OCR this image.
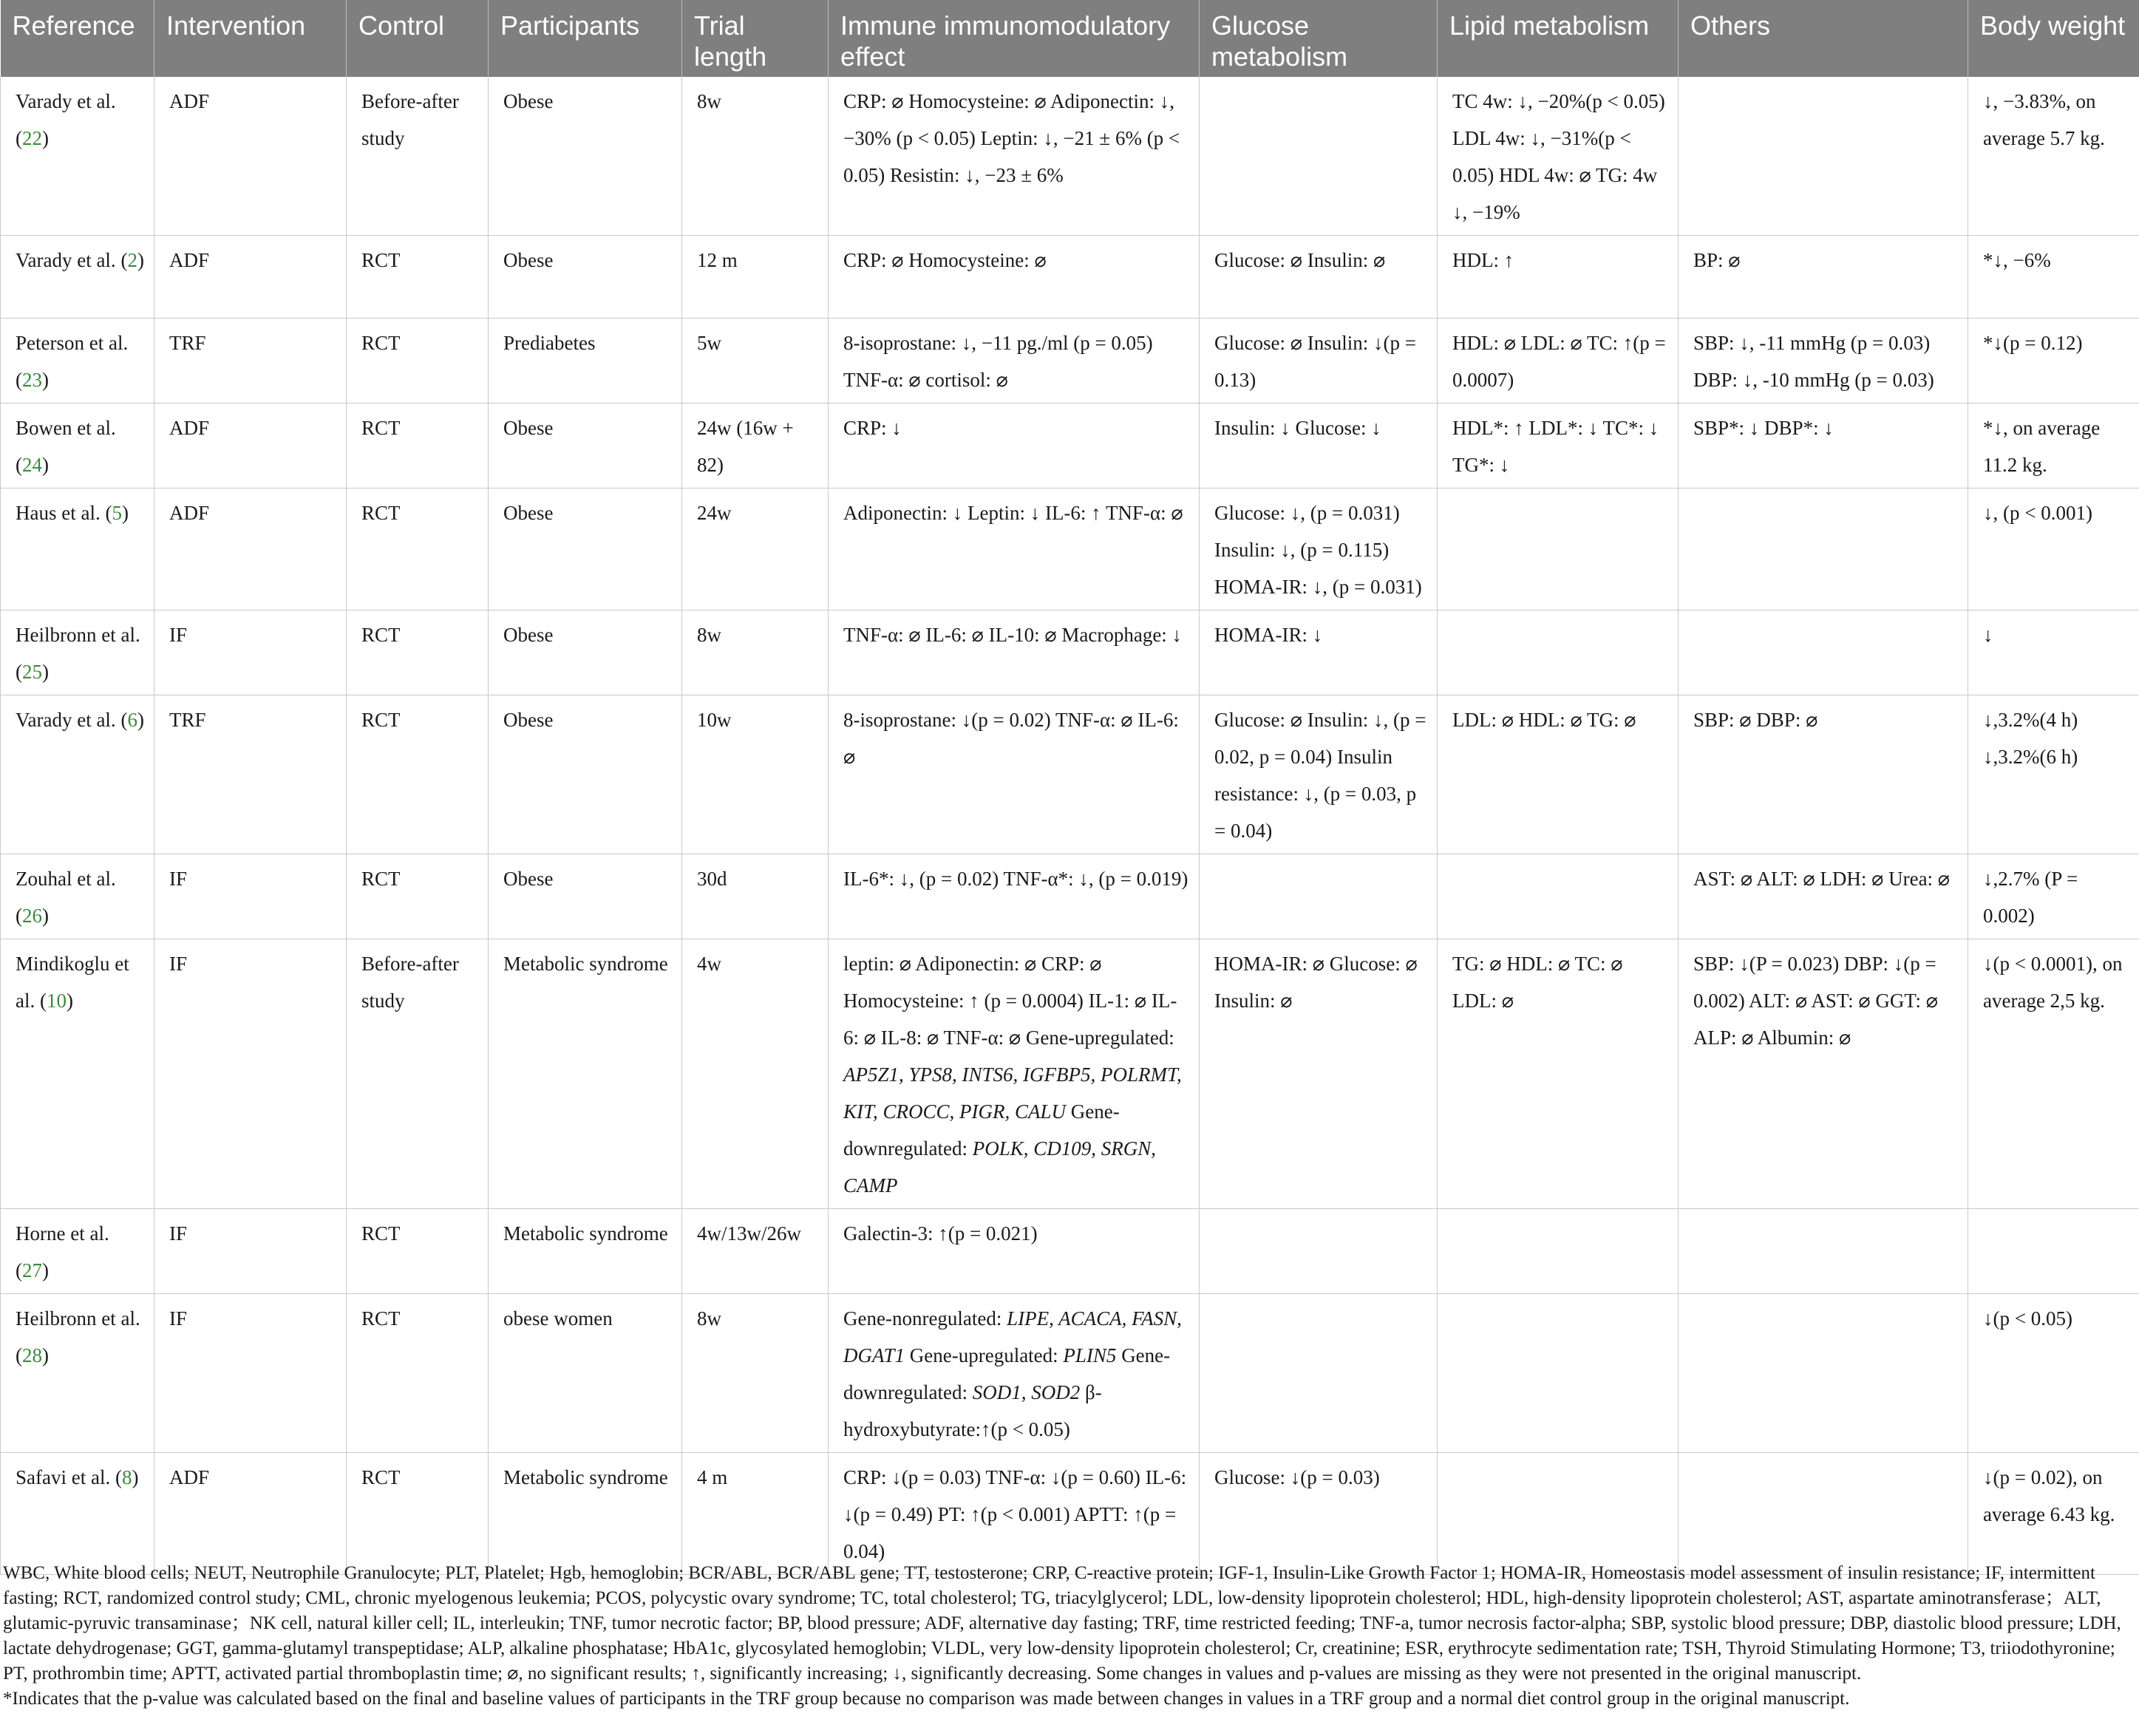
Reference	Intervention	Control	Participants	Trial length	Immune immunomodulatory effect	Glucose metabolism	Lipid metabolism	Others	Body weight
Varady et al. (22)	ADF	Before-after study	Obese	8w	CRP: ⌀ Homocysteine: ⌀ Adiponectin: ↓, −30% (p < 0.05) Leptin: ↓, −21 ± 6% (p < 0.05) Resistin: ↓, −23 ± 6%		TC 4w: ↓, −20%(p < 0.05) LDL 4w: ↓, −31%(p < 0.05) HDL 4w: ⌀ TG: 4w ↓, −19%		↓, −3.83%, on average 5.7 kg.
Varady et al. (2)	ADF	RCT	Obese	12 m	CRP: ⌀ Homocysteine: ⌀	Glucose: ⌀ Insulin: ⌀	HDL: ↑	BP: ⌀	*↓, −6%
Peterson et al. (23)	TRF	RCT	Prediabetes	5w	8-isoprostane: ↓, −11 pg./ml (p = 0.05) TNF-α: ⌀ cortisol: ⌀	Glucose: ⌀ Insulin: ↓(p = 0.13)	HDL: ⌀ LDL: ⌀ TC: ↑(p = 0.0007)	SBP: ↓, -11 mmHg (p = 0.03) DBP: ↓, -10 mmHg (p = 0.03)	*↓(p = 0.12)
Bowen et al. (24)	ADF	RCT	Obese	24w (16w + 82)	CRP: ↓	Insulin: ↓ Glucose: ↓	HDL*: ↑ LDL*: ↓ TC*: ↓ TG*: ↓	SBP*: ↓ DBP*: ↓	*↓, on average 11.2 kg.
Haus et al. (5)	ADF	RCT	Obese	24w	Adiponectin: ↓ Leptin: ↓ IL-6: ↑ TNF-α: ⌀	Glucose: ↓, (p = 0.031) Insulin: ↓, (p = 0.115) HOMA-IR: ↓, (p = 0.031)			↓, (p < 0.001)
Heilbronn et al. (25)	IF	RCT	Obese	8w	TNF-α: ⌀ IL-6: ⌀ IL-10: ⌀ Macrophage: ↓	HOMA-IR: ↓			↓
Varady et al. (6)	TRF	RCT	Obese	10w	8-isoprostane: ↓(p = 0.02) TNF-α: ⌀ IL-6: ⌀	Glucose: ⌀ Insulin: ↓, (p = 0.02, p = 0.04) Insulin resistance: ↓, (p = 0.03, p = 0.04)	LDL: ⌀ HDL: ⌀ TG: ⌀	SBP: ⌀ DBP: ⌀	↓,3.2%(4 h) ↓,3.2%(6 h)
Zouhal et al. (26)	IF	RCT	Obese	30d	IL-6*: ↓, (p = 0.02) TNF-α*: ↓, (p = 0.019)			AST: ⌀ ALT: ⌀ LDH: ⌀ Urea: ⌀	↓,2.7% (P = 0.002)
Mindikoglu et al. (10)	IF	Before-after study	Metabolic syndrome	4w	leptin: ⌀ Adiponectin: ⌀ CRP: ⌀ Homocysteine: ↑ (p = 0.0004) IL-1: ⌀ IL-6: ⌀ IL-8: ⌀ TNF-α: ⌀ Gene-upregulated: AP5Z1, YPS8, INTS6, IGFBP5, POLRMT, KIT, CROCC, PIGR, CALU Gene-downregulated: POLK, CD109, SRGN, CAMP	HOMA-IR: ⌀ Glucose: ⌀ Insulin: ⌀	TG: ⌀ HDL: ⌀ TC: ⌀ LDL: ⌀	SBP: ↓(P = 0.023) DBP: ↓(p = 0.002) ALT: ⌀ AST: ⌀ GGT: ⌀ ALP: ⌀ Albumin: ⌀	↓(p < 0.0001), on average 2,5 kg.
Horne et al. (27)	IF	RCT	Metabolic syndrome	4w/13w/26w	Galectin-3: ↑(p = 0.021)				
Heilbronn et al. (28)	IF	RCT	obese women	8w	Gene-nonregulated: LIPE, ACACA, FASN, DGAT1 Gene-upregulated: PLIN5 Gene-downregulated: SOD1, SOD2 β-hydroxybutyrate:↑(p < 0.05)				↓(p < 0.05)
Safavi et al. (8)	ADF	RCT	Metabolic syndrome	4 m	CRP: ↓(p = 0.03) TNF-α: ↓(p = 0.60) IL-6: ↓(p = 0.49) PT: ↑(p < 0.001) APTT: ↑(p = 0.04)	Glucose: ↓(p = 0.03)			↓(p = 0.02), on average 6.43 kg.

WBC, White blood cells; NEUT, Neutrophile Granulocyte; PLT, Platelet; Hgb, hemoglobin; BCR/ABL, BCR/ABL gene; TT, testosterone; CRP, C-reactive protein; IGF-1, Insulin-Like Growth Factor 1; HOMA-IR, Homeostasis model assessment of insulin resistance; IF, intermittent fasting; RCT, randomized control study; CML, chronic myelogenous leukemia; PCOS, polycystic ovary syndrome; TC, total cholesterol; TG, triacylglycerol; LDL, low-density lipoprotein cholesterol; HDL, high-density lipoprotein cholesterol; AST, aspartate aminotransferase；ALT, glutamic-pyruvic transaminase；NK cell, natural killer cell; IL, interleukin; TNF, tumor necrotic factor; BP, blood pressure; ADF, alternative day fasting; TRF, time restricted feeding; TNF-a, tumor necrosis factor-alpha; SBP, systolic blood pressure; DBP, diastolic blood pressure; LDH, lactate dehydrogenase; GGT, gamma-glutamyl transpeptidase; ALP, alkaline phosphatase; HbA1c, glycosylated hemoglobin; VLDL, very low-density lipoprotein cholesterol; Cr, creatinine; ESR, erythrocyte sedimentation rate; TSH, Thyroid Stimulating Hormone; T3, triiodothyronine; PT, prothrombin time; APTT, activated partial thromboplastin time; ⌀, no significant results; ↑, significantly increasing; ↓, significantly decreasing. Some changes in values and p-values are missing as they were not presented in the original manuscript.

*Indicates that the p-value was calculated based on the final and baseline values of participants in the TRF group because no comparison was made between changes in values in a TRF group and a normal diet control group in the original manuscript.
